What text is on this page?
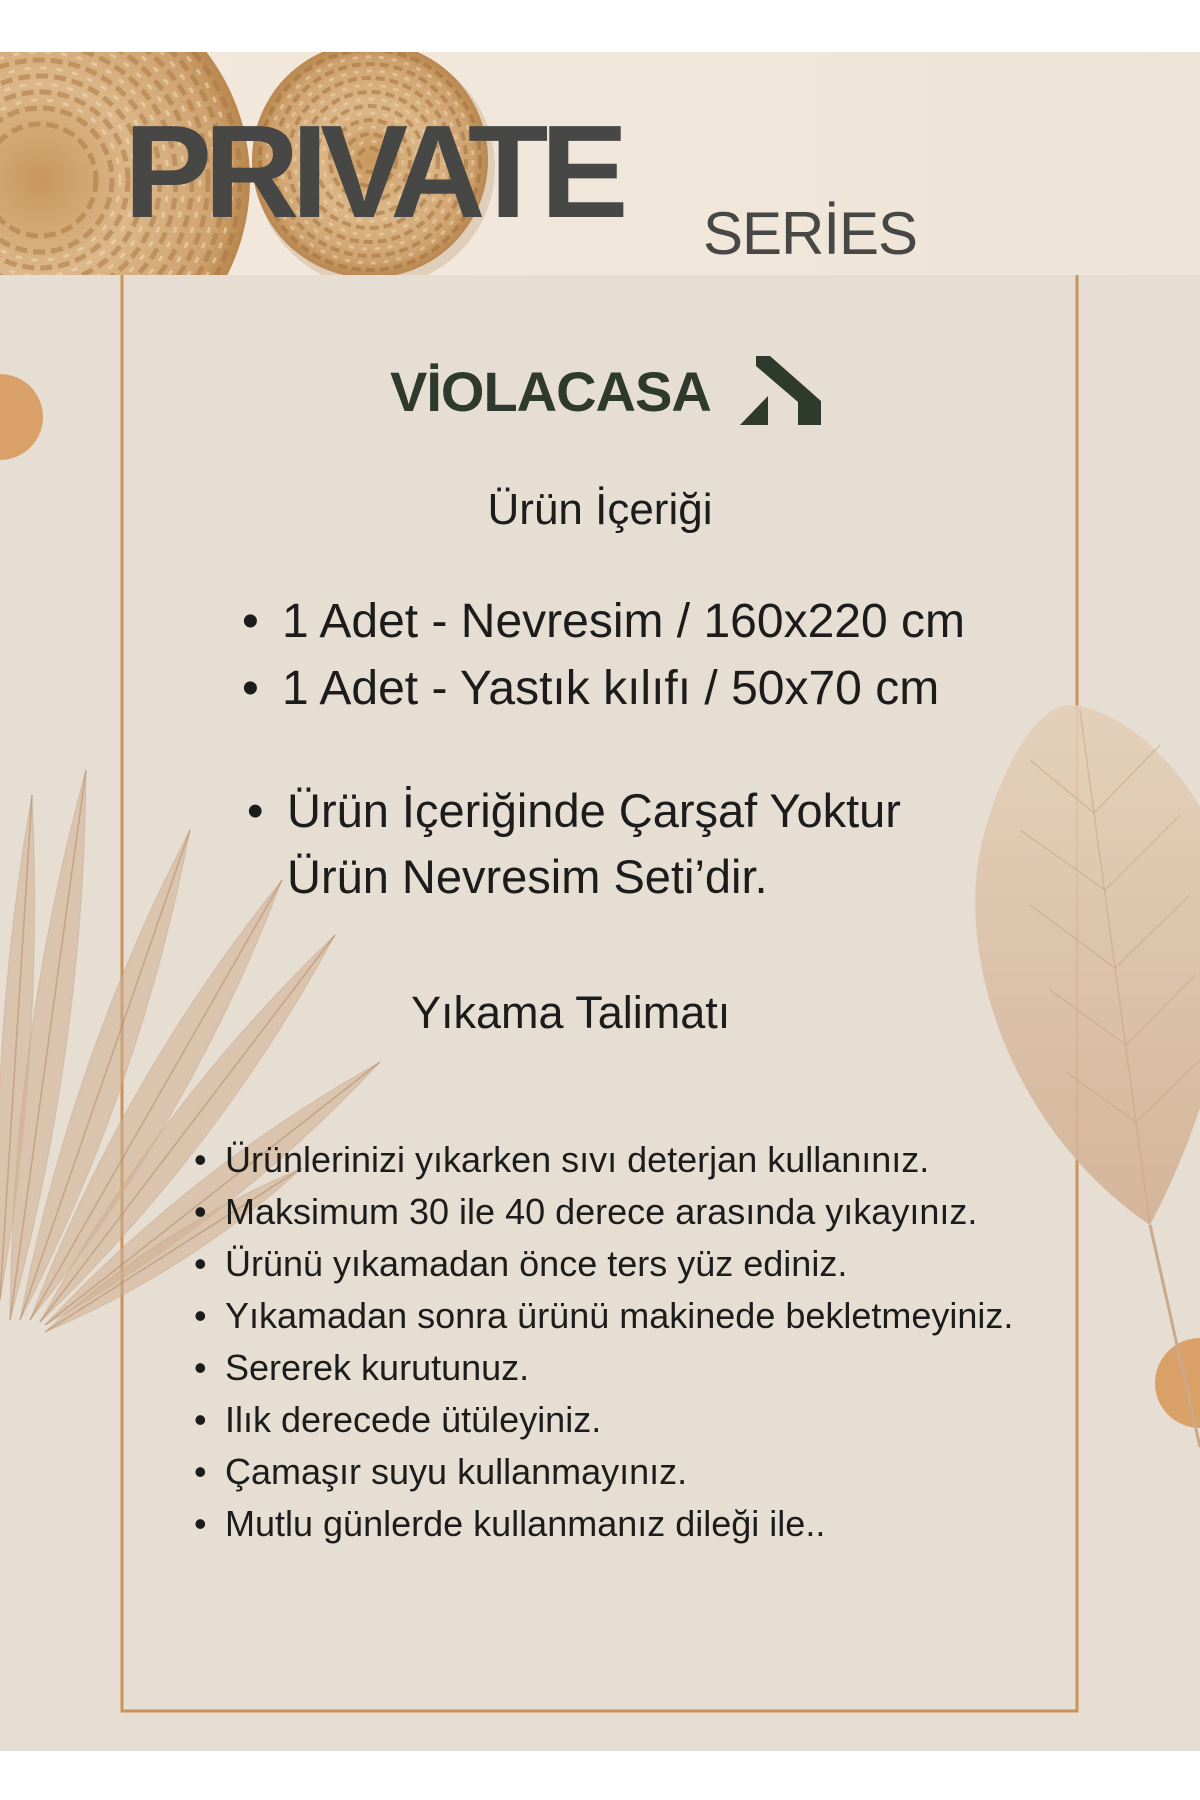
PRIVATE SERİES
VİOLACASA
Ürün İçeriği
• 1 Adet - Nevresim / 160x220 cm
• 1 Adet - Yastık kılıfı / 50x70 cm
• Ürün İçeriğinde Çarşaf Yoktur
Ürün Nevresim Seti’dir.
Yıkama Talimatı
• Ürünlerinizi yıkarken sıvı deterjan kullanınız.
• Maksimum 30 ile 40 derece arasında yıkayınız.
• Ürünü yıkamadan önce ters yüz ediniz.
• Yıkamadan sonra ürünü makinede bekletmeyiniz.
• Sererek kurutunuz.
• Ilık derecede ütüleyiniz.
• Çamaşır suyu kullanmayınız.
• Mutlu günlerde kullanmanız dileği ile..
